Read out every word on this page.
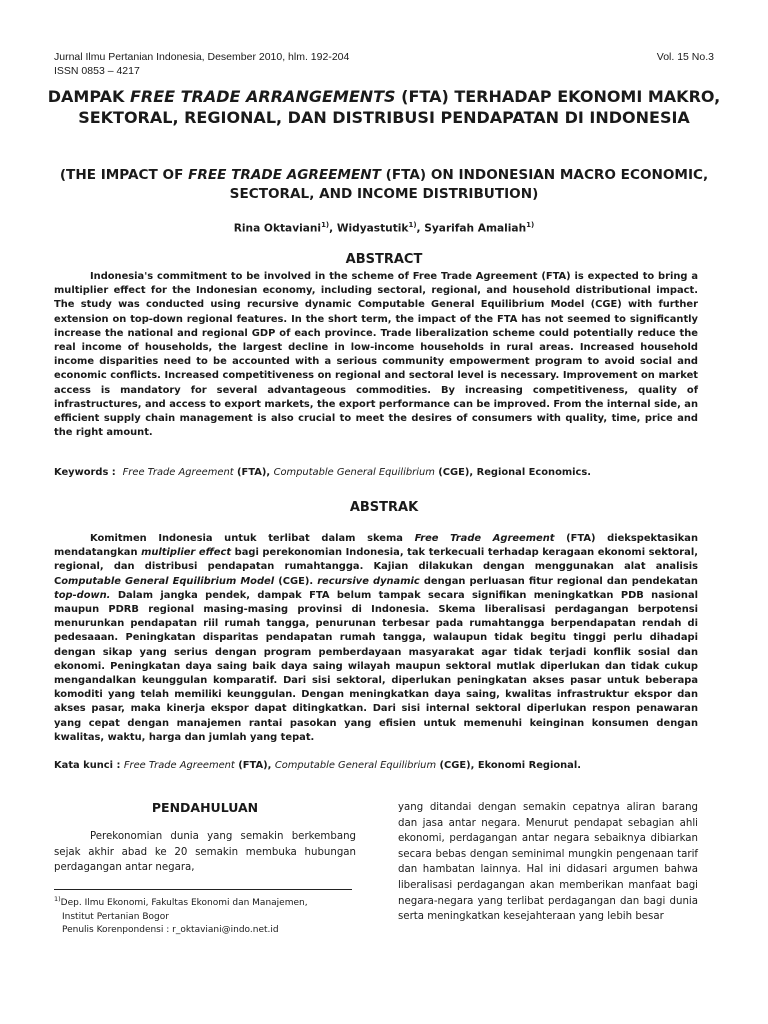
Jurnal Ilmu Pertanian Indonesia, Desember 2010, hlm. 192-204
ISSN 0853 – 4217
Vol. 15 No.3
DAMPAK FREE TRADE ARRANGEMENTS (FTA) TERHADAP EKONOMI MAKRO, SEKTORAL, REGIONAL, DAN DISTRIBUSI PENDAPATAN DI INDONESIA
(THE IMPACT OF FREE TRADE AGREEMENT (FTA) ON INDONESIAN MACRO ECONOMIC, SECTORAL, AND INCOME DISTRIBUTION)
Rina Oktaviani$^{1)}$, Widyastutik$^{1)}$, Syarifah Amaliah$^{1)}$
ABSTRACT
Indonesia's commitment to be involved in the scheme of Free Trade Agreement (FTA) is expected to bring a multiplier effect for the Indonesian economy, including sectoral, regional, and household distributional impact. The study was conducted using recursive dynamic Computable General Equilibrium Model (CGE) with further extension on top-down regional features. In the short term, the impact of the FTA has not seemed to significantly increase the national and regional GDP of each province. Trade liberalization scheme could potentially reduce the real income of households, the largest decline in low-income households in rural areas. Increased household income disparities need to be accounted with a serious community empowerment program to avoid social and economic conflicts. Increased competitiveness on regional and sectoral level is necessary. Improvement on market access is mandatory for several advantageous commodities. By increasing competitiveness, quality of infrastructures, and access to export markets, the export performance can be improved. From the internal side, an efficient supply chain management is also crucial to meet the desires of consumers with quality, time, price and the right amount.
Keywords : Free Trade Agreement (FTA), Computable General Equilibrium (CGE), Regional Economics.
ABSTRAK
Komitmen Indonesia untuk terlibat dalam skema Free Trade Agreement (FTA) diekspektasikan mendatangkan multiplier effect bagi perekonomian Indonesia, tak terkecuali terhadap keragaan ekonomi sektoral, regional, dan distribusi pendapatan rumahtangga. Kajian dilakukan dengan menggunakan alat analisis Computable General Equilibrium Model (CGE). recursive dynamic dengan perluasan fitur regional dan pendekatan top-down. Dalam jangka pendek, dampak FTA belum tampak secara signifikan meningkatkan PDB nasional maupun PDRB regional masing-masing provinsi di Indonesia. Skema liberalisasi perdagangan berpotensi menurunkan pendapatan riil rumah tangga, penurunan terbesar pada rumahtangga berpendapatan rendah di pedesaaan. Peningkatan disparitas pendapatan rumah tangga, walaupun tidak begitu tinggi perlu dihadapi dengan sikap yang serius dengan program pemberdayaan masyarakat agar tidak terjadi konflik sosial dan ekonomi. Peningkatan daya saing baik daya saing wilayah maupun sektoral mutlak diperlukan dan tidak cukup mengandalkan keunggulan komparatif. Dari sisi sektoral, diperlukan peningkatan akses pasar untuk beberapa komoditi yang telah memiliki keunggulan. Dengan meningkatkan daya saing, kwalitas infrastruktur ekspor dan akses pasar, maka kinerja ekspor dapat ditingkatkan. Dari sisi internal sektoral diperlukan respon penawaran yang cepat dengan manajemen rantai pasokan yang efisien untuk memenuhi keinginan konsumen dengan kwalitas, waktu, harga dan jumlah yang tepat.
Kata kunci : Free Trade Agreement (FTA), Computable General Equilibrium (CGE), Ekonomi Regional.
PENDAHULUAN
Perekonomian dunia yang semakin berkembang sejak akhir abad ke 20 semakin membuka hubungan perdagangan antar negara,
$^{1)}$Dep. Ilmu Ekonomi, Fakultas Ekonomi dan Manajemen,
Institut Pertanian Bogor
Penulis Korenpondensi : r_oktaviani@indo.net.id
yang ditandai dengan semakin cepatnya aliran barang dan jasa antar negara. Menurut pendapat sebagian ahli ekonomi, perdagangan antar negara sebaiknya dibiarkan secara bebas dengan seminimal mungkin pengenaan tarif dan hambatan lainnya. Hal ini didasari argumen bahwa liberalisasi perdagangan akan memberikan manfaat bagi negara-negara yang terlibat perdagangan dan bagi dunia serta meningkatkan kesejahteraan yang lebih besar
